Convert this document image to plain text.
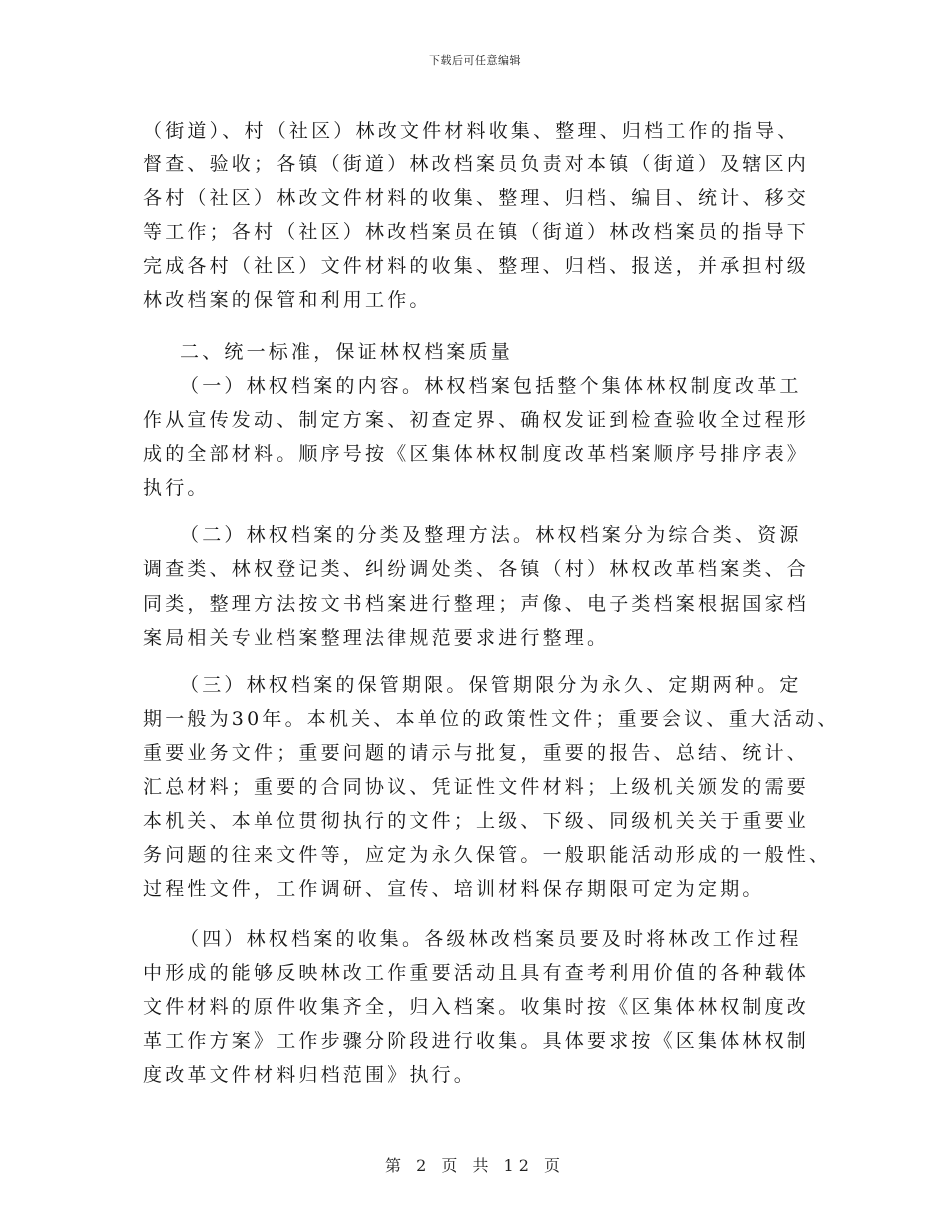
下载后可任意编辑
（街道）、村（社区）林改文件材料收集、整理、归档工作的指导、
督查、验收；各镇（街道）林改档案员负责对本镇（街道）及辖区内
各村（社区）林改文件材料的收集、整理、归档、编目、统计、移交
等工作；各村（社区）林改档案员在镇（街道）林改档案员的指导下
完成各村（社区）文件材料的收集、整理、归档、报送，并承担村级
林改档案的保管和利用工作。
二、统一标准，保证林权档案质量
（一）林权档案的内容。林权档案包括整个集体林权制度改革工
作从宣传发动、制定方案、初查定界、确权发证到检查验收全过程形
成的全部材料。顺序号按《区集体林权制度改革档案顺序号排序表》
执行。
（二）林权档案的分类及整理方法。林权档案分为综合类、资源
调查类、林权登记类、纠纷调处类、各镇（村）林权改革档案类、合
同类，整理方法按文书档案进行整理；声像、电子类档案根据国家档
案局相关专业档案整理法律规范要求进行整理。
（三）林权档案的保管期限。保管期限分为永久、定期两种。定
期一般为30年。本机关、本单位的政策性文件；重要会议、重大活动、
重要业务文件；重要问题的请示与批复，重要的报告、总结、统计、
汇总材料；重要的合同协议、凭证性文件材料；上级机关颁发的需要
本机关、本单位贯彻执行的文件；上级、下级、同级机关关于重要业
务问题的往来文件等，应定为永久保管。一般职能活动形成的一般性、
过程性文件，工作调研、宣传、培训材料保存期限可定为定期。
（四）林权档案的收集。各级林改档案员要及时将林改工作过程
中形成的能够反映林改工作重要活动且具有查考利用价值的各种载体
文件材料的原件收集齐全，归入档案。收集时按《区集体林权制度改
革工作方案》工作步骤分阶段进行收集。具体要求按《区集体林权制
度改革文件材料归档范围》执行。
第 2 页 共 12 页
